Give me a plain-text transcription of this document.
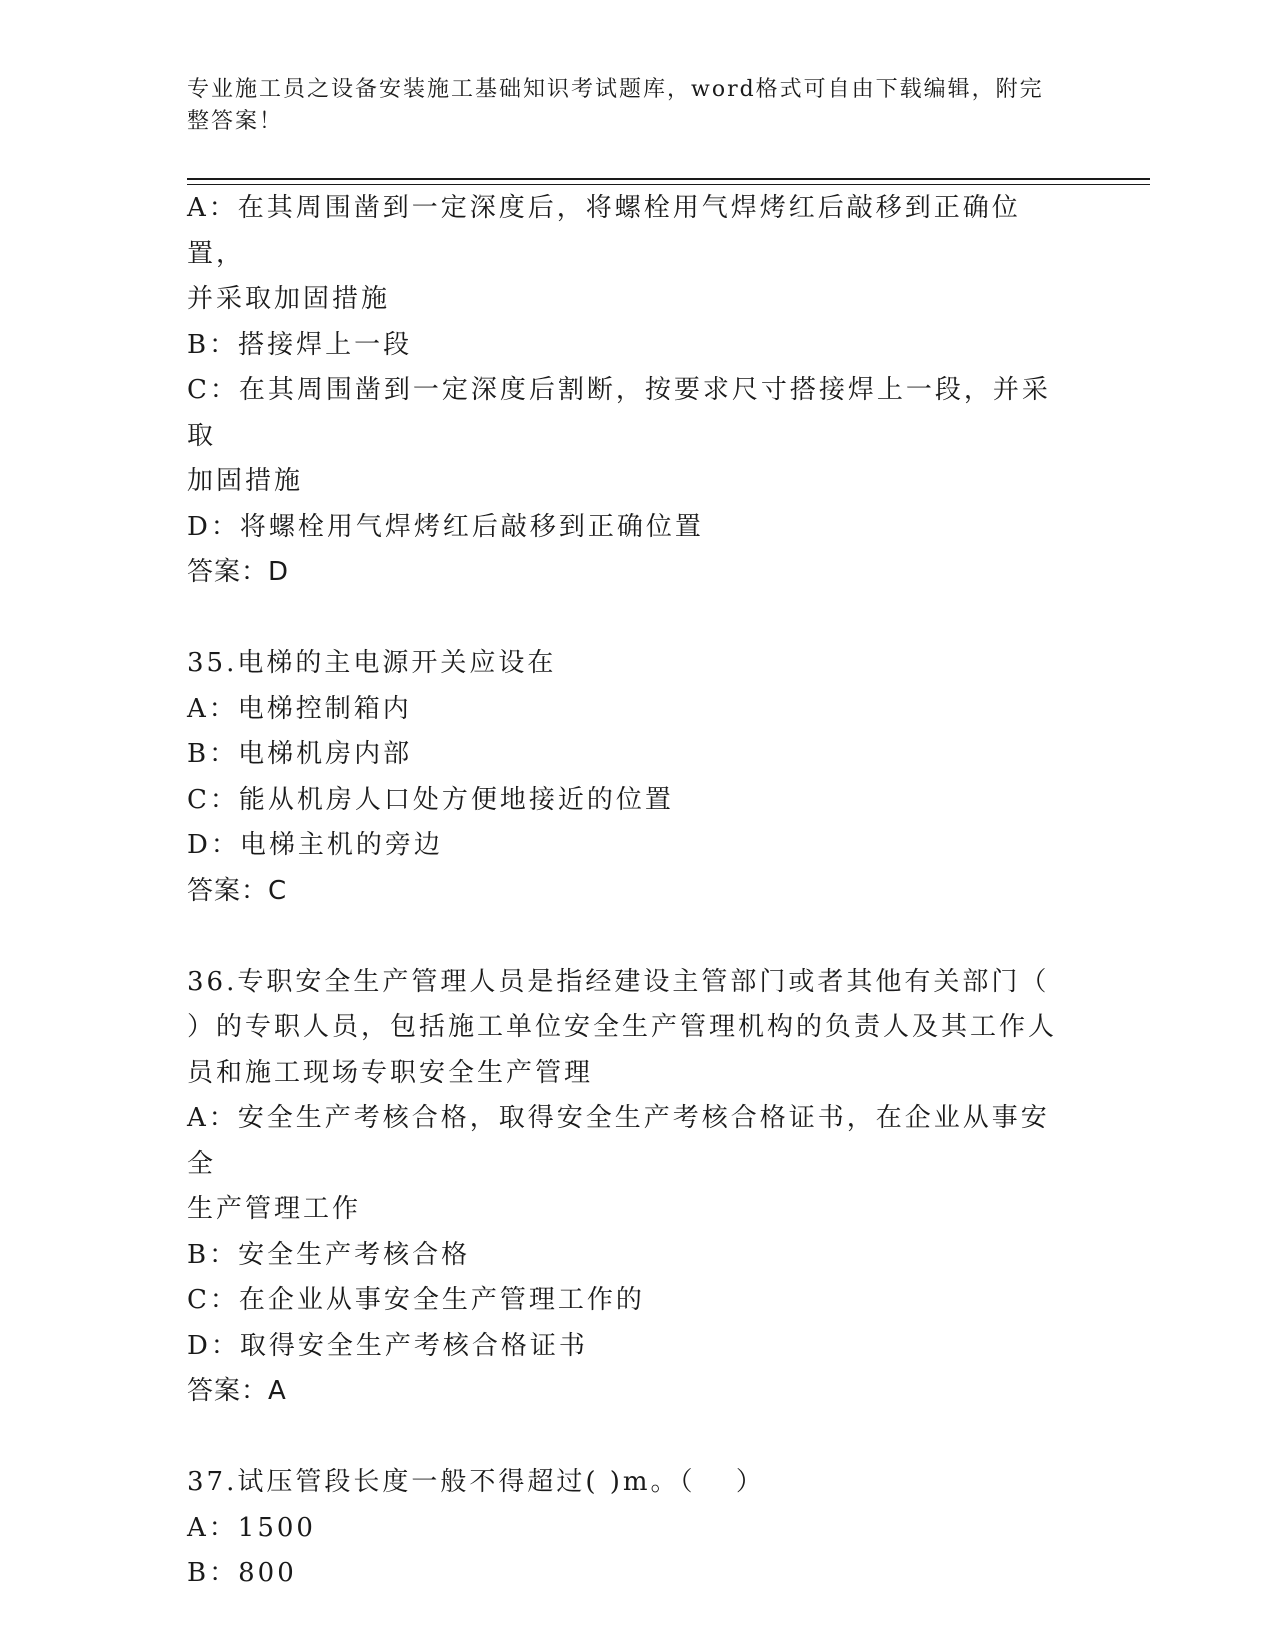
专业施工员之设备安装施工基础知识考试题库，word格式可自由下载编辑，附完整答案！
A：在其周围凿到一定深度后，将螺栓用气焊烤红后敲移到正确位置，
并采取加固措施
B：搭接焊上一段
C：在其周围凿到一定深度后割断，按要求尺寸搭接焊上一段，并采取
加固措施
D：将螺栓用气焊烤红后敲移到正确位置
答案：D
35.电梯的主电源开关应设在
A：电梯控制箱内
B：电梯机房内部
C：能从机房人口处方便地接近的位置
D：电梯主机的旁边
答案：C
36.专职安全生产管理人员是指经建设主管部门或者其他有关部门（
）的专职人员，包括施工单位安全生产管理机构的负责人及其工作人
员和施工现场专职安全生产管理
A：安全生产考核合格，取得安全生产考核合格证书，在企业从事安全
生产管理工作
B：安全生产考核合格
C：在企业从事安全生产管理工作的
D：取得安全生产考核合格证书
答案：A
37.试压管段长度一般不得超过( )m。（　 ）
A：1500
B：800
